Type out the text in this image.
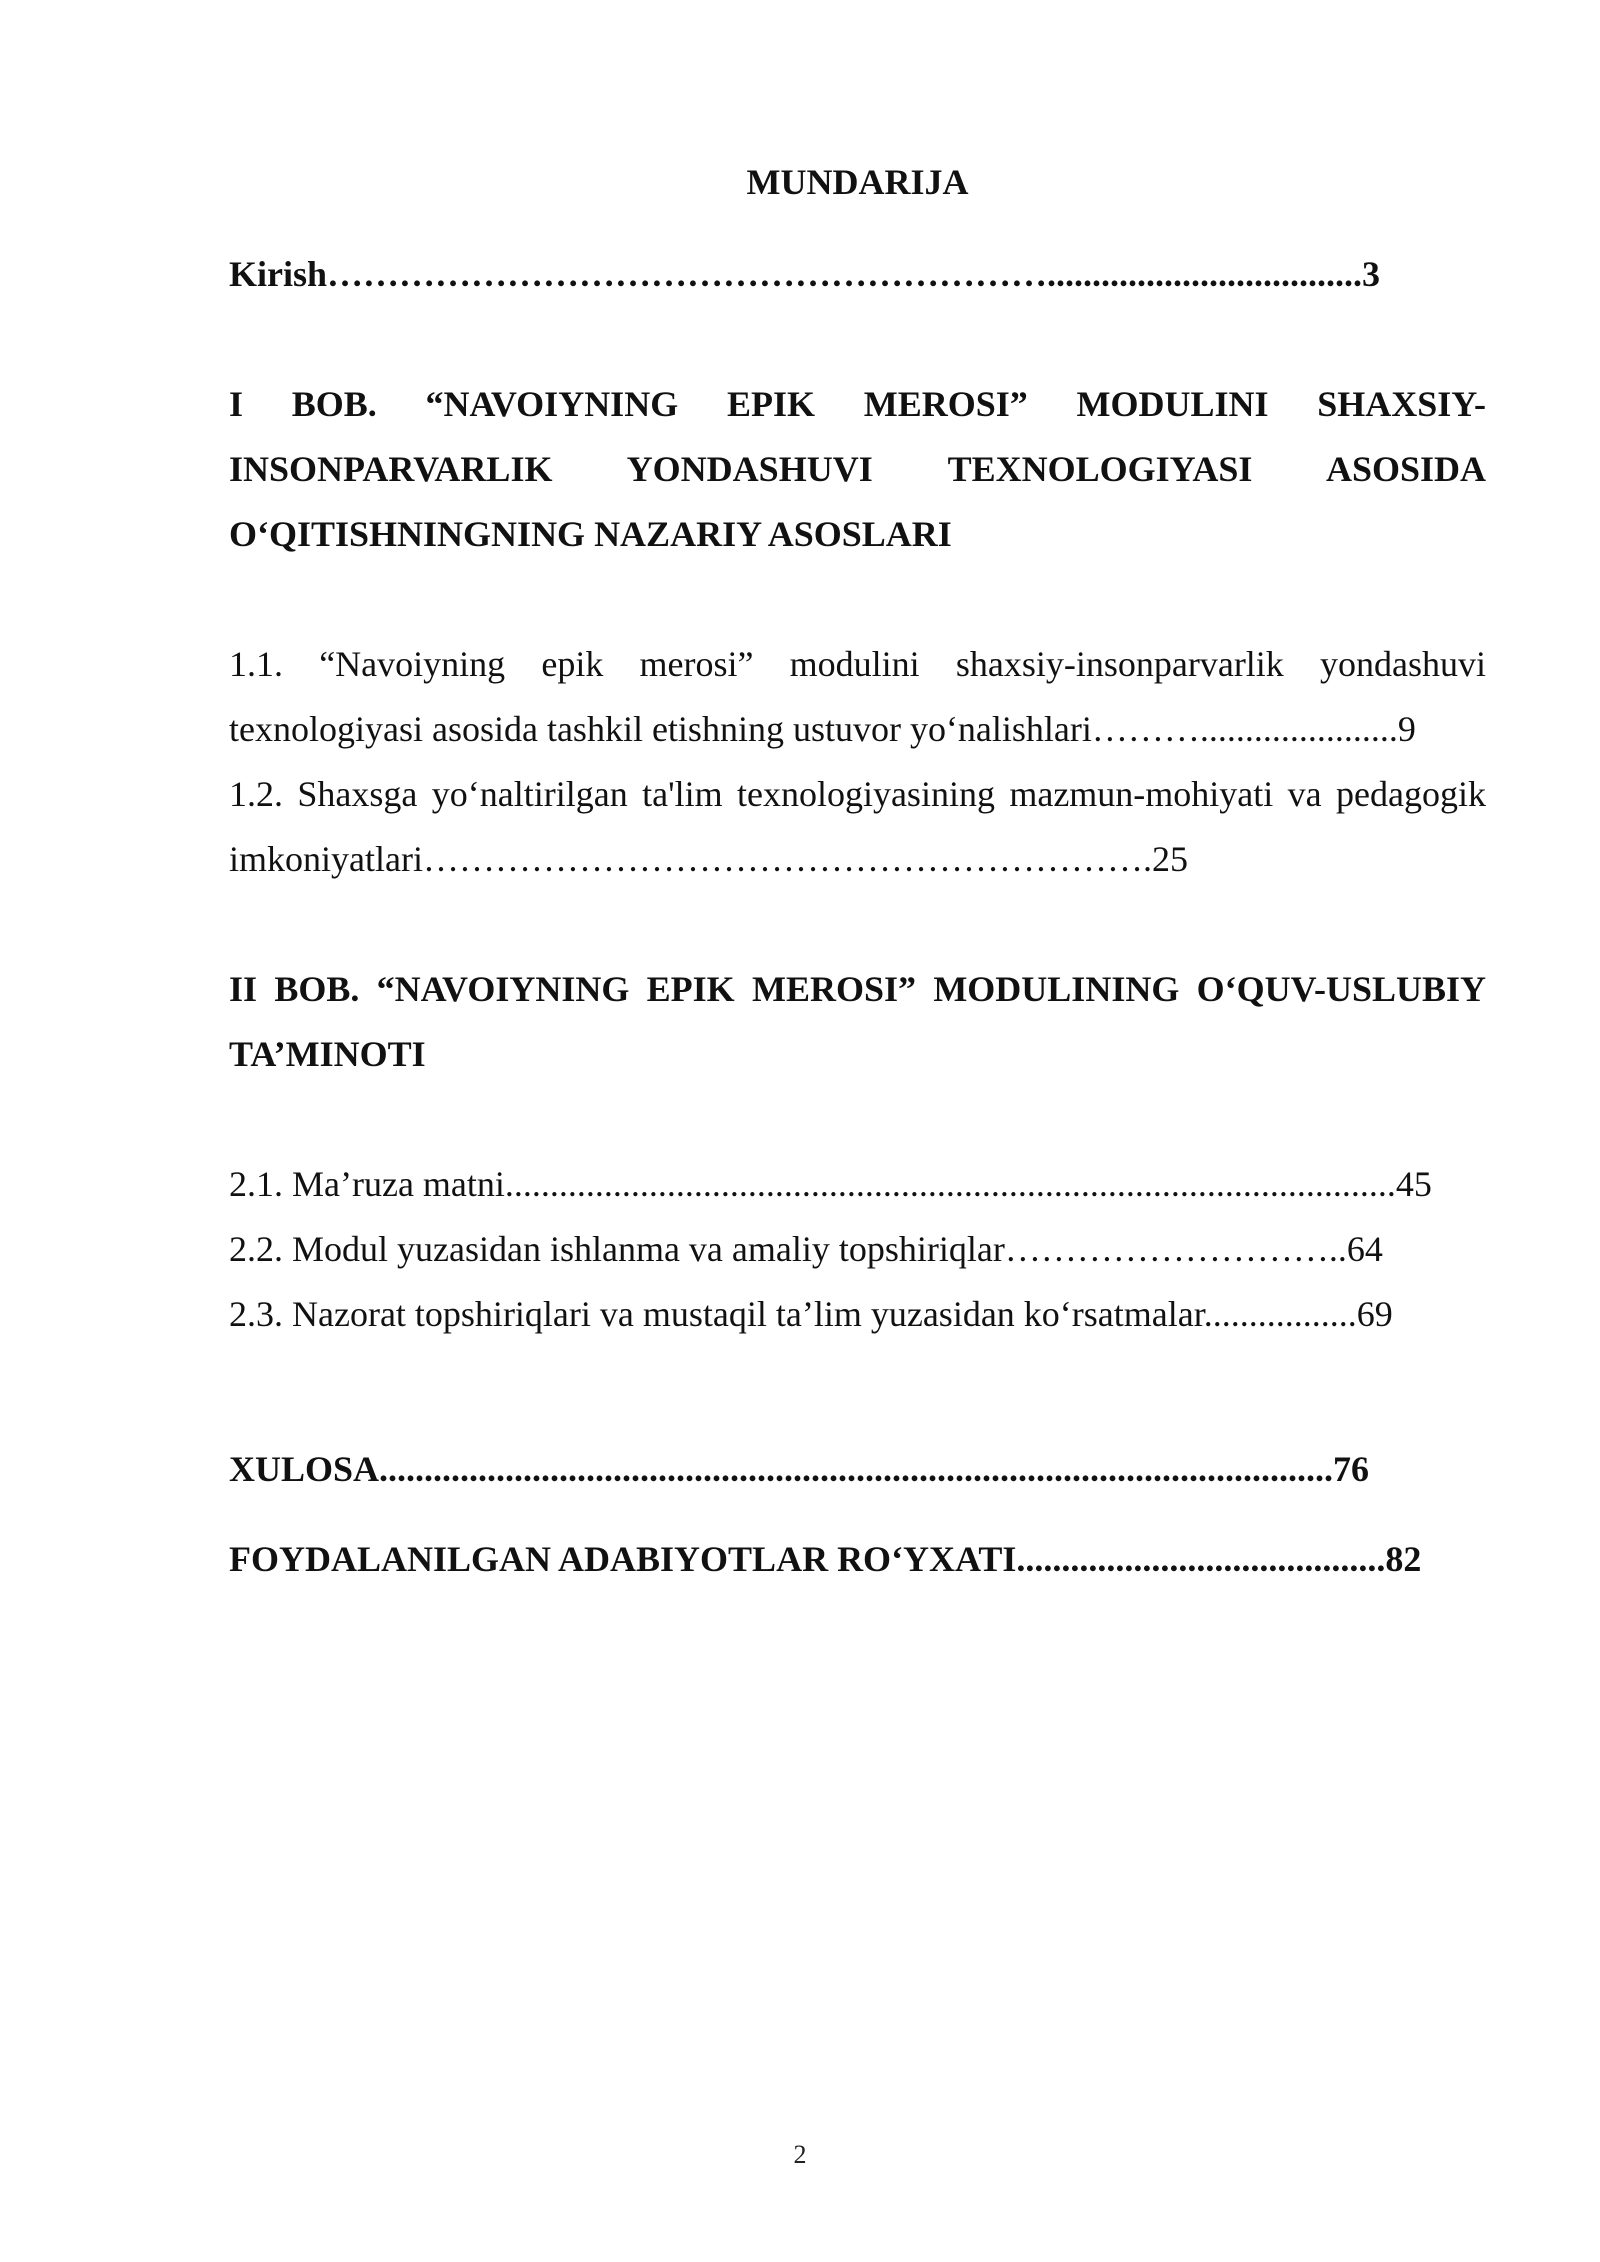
MUNDARIJA

Kirish……………………………………………………...................................3

I BOB. “NAVOIYNING EPIK MEROSI” MODULINI SHAXSIY-INSONPARVARLIK YONDASHUVI TEXNOLOGIYASI ASOSIDA O‘QITISHNINGNING NAZARIY ASOSLARI

1.1. “Navoiyning epik merosi” modulini shaxsiy-insonparvarlik yondashuvi texnologiyasi asosida tashkil etishning ustuvor yo‘nalishlari………......................9

1.2. Shaxsga yo‘naltirilgan ta'lim texnologiyasining mazmun-mohiyati va pedagogik imkoniyatlari…………………………………………………….25

II BOB. “NAVOIYNING EPIK MEROSI” MODULINING O‘QUV-USLUBIY TA’MINOTI

2.1. Ma’ruza matni...................................................................................................45

2.2. Modul yuzasidan ishlanma va amaliy topshiriqlar………………………..64

2.3. Nazorat topshiriqlari va mustaqil ta’lim yuzasidan ko‘rsatmalar.................69

XULOSA..........................................................................................................76

FOYDALANILGAN ADABIYOTLAR RO‘YXATI.........................................82

2
